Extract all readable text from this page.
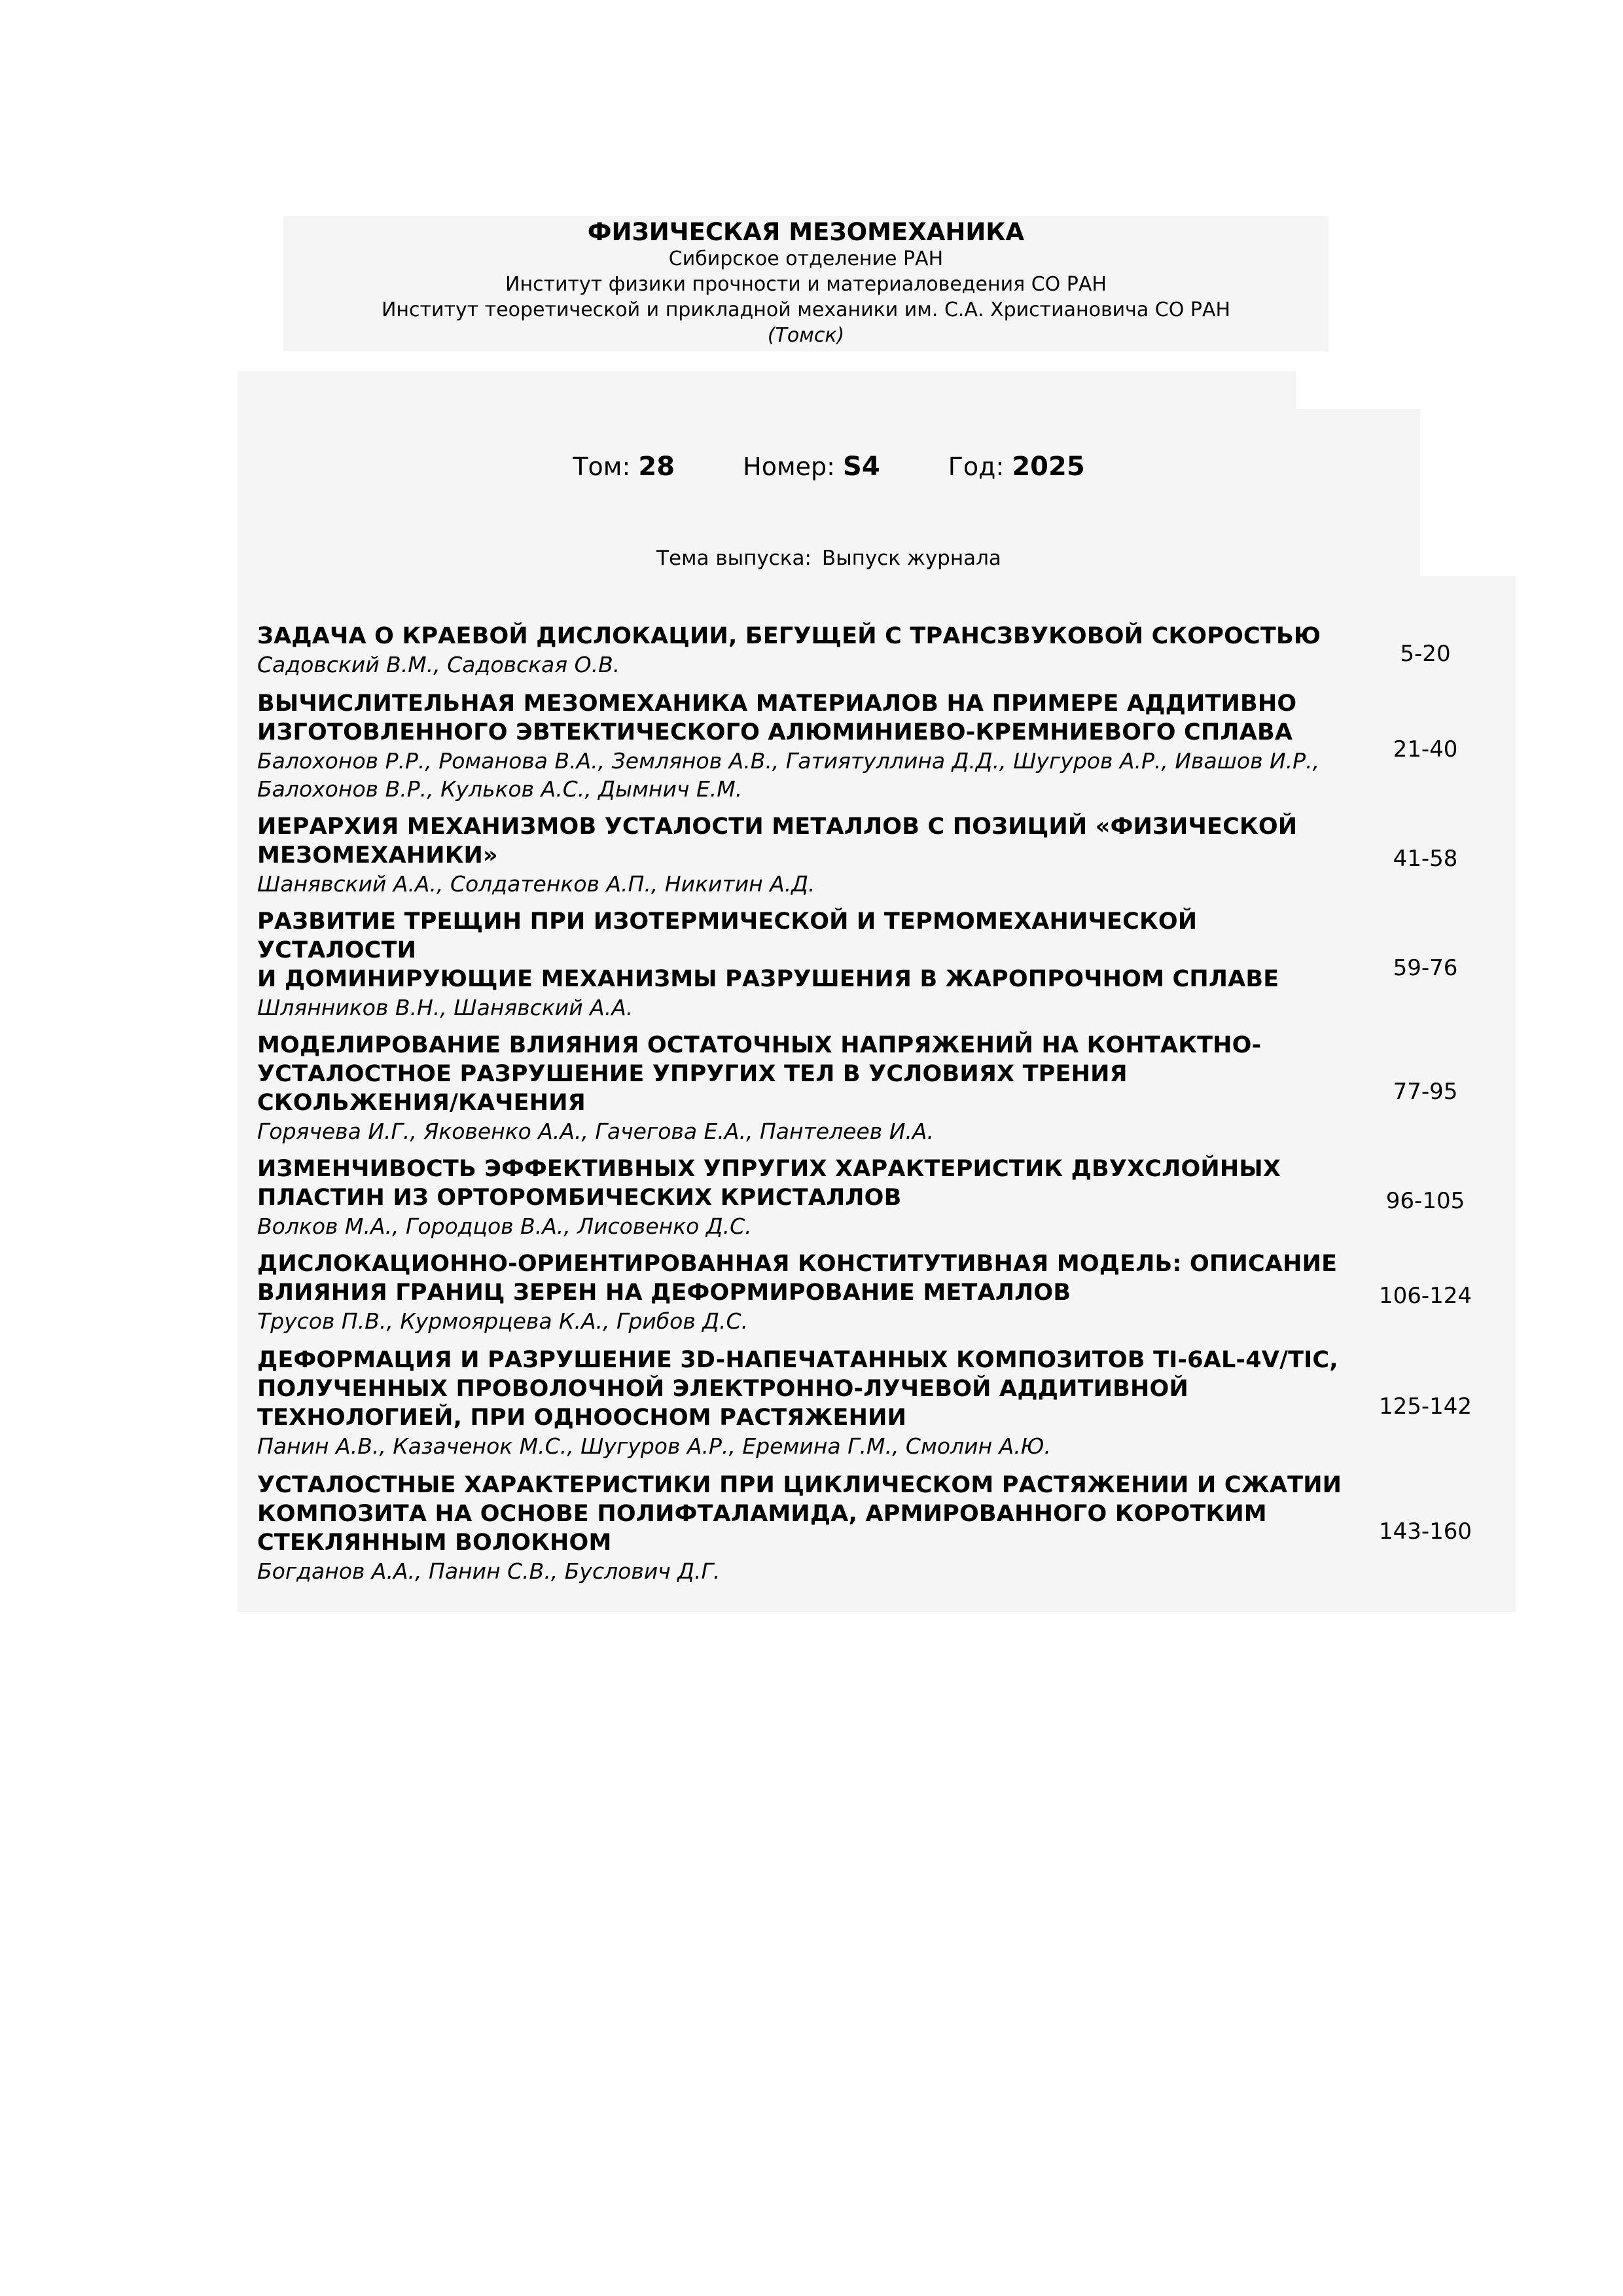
ФИЗИЧЕСКАЯ МЕЗОМЕХАНИКА
Сибирское отделение РАН
Институт физики прочности и материаловедения СО РАН
Институт теоретической и прикладной механики им. С.А. Христиановича СО РАН
(Томск)
Том: 28	Номер: S4	Год: 2025
Тема выпуска: Выпуск журнала
ЗАДАЧА О КРАЕВОЙ ДИСЛОКАЦИИ, БЕГУЩЕЙ С ТРАНСЗВУКОВОЙ СКОРОСТЬЮ
Садовский В.М., Садовская О.В.	5-20
ВЫЧИСЛИТЕЛЬНАЯ МЕЗОМЕХАНИКА МАТЕРИАЛОВ НА ПРИМЕРЕ АДДИТИВНО
ИЗГОТОВЛЕННОГО ЭВТЕКТИЧЕСКОГО АЛЮМИНИЕВО-КРЕМНИЕВОГО СПЛАВА
Балохонов Р.Р., Романова В.А., Землянов А.В., Гатиятуллина Д.Д., Шугуров А.Р., Ивашов И.Р.,
Балохонов В.Р., Кульков А.С., Дымнич Е.М.
21-40
ИЕРАРХИЯ МЕХАНИЗМОВ УСТАЛОСТИ МЕТАЛЛОВ С ПОЗИЦИЙ «ФИЗИЧЕСКОЙ
МЕЗОМЕХАНИКИ»
Шанявский А.А., Солдатенков А.П., Никитин А.Д.
41-58
РАЗВИТИЕ ТРЕЩИН ПРИ ИЗОТЕРМИЧЕСКОЙ И ТЕРМОМЕХАНИЧЕСКОЙ УСТАЛОСТИ
И ДОМИНИРУЮЩИЕ МЕХАНИЗМЫ РАЗРУШЕНИЯ В ЖАРОПРОЧНОМ СПЛАВЕ
Шлянников В.Н., Шанявский А.А.
59-76
МОДЕЛИРОВАНИЕ ВЛИЯНИЯ ОСТАТОЧНЫХ НАПРЯЖЕНИЙ НА КОНТАКТНО-
УСТАЛОСТНОЕ РАЗРУШЕНИЕ УПРУГИХ ТЕЛ В УСЛОВИЯХ ТРЕНИЯ
СКОЛЬЖЕНИЯ/КАЧЕНИЯ
Горячева И.Г., Яковенко А.А., Гачегова Е.А., Пантелеев И.А.
77-95
ИЗМЕНЧИВОСТЬ ЭФФЕКТИВНЫХ УПРУГИХ ХАРАКТЕРИСТИК ДВУХСЛОЙНЫХ
ПЛАСТИН ИЗ ОРТОРОМБИЧЕСКИХ КРИСТАЛЛОВ
Волков М.А., Городцов В.А., Лисовенко Д.С.
96-105
ДИСЛОКАЦИОННО-ОРИЕНТИРОВАННАЯ КОНСТИТУТИВНАЯ МОДЕЛЬ: ОПИСАНИЕ
ВЛИЯНИЯ ГРАНИЦ ЗЕРЕН НА ДЕФОРМИРОВАНИЕ МЕТАЛЛОВ
Трусов П.В., Курмоярцева К.А., Грибов Д.С.
106-124
ДЕФОРМАЦИЯ И РАЗРУШЕНИЕ 3D-НАПЕЧАТАННЫХ КОМПОЗИТОВ TI-6AL-4V/TIC,
ПОЛУЧЕННЫХ ПРОВОЛОЧНОЙ ЭЛЕКТРОННО-ЛУЧЕВОЙ АДДИТИВНОЙ
ТЕХНОЛОГИЕЙ, ПРИ ОДНООСНОМ РАСТЯЖЕНИИ
Панин А.В., Казаченок М.С., Шугуров А.Р., Еремина Г.М., Смолин А.Ю.
125-142
УСТАЛОСТНЫЕ ХАРАКТЕРИСТИКИ ПРИ ЦИКЛИЧЕСКОМ РАСТЯЖЕНИИ И СЖАТИИ
КОМПОЗИТА НА ОСНОВЕ ПОЛИФТАЛАМИДА, АРМИРОВАННОГО КОРОТКИМ
СТЕКЛЯННЫМ ВОЛОКНОМ
Богданов А.А., Панин С.В., Буслович Д.Г.
143-160
